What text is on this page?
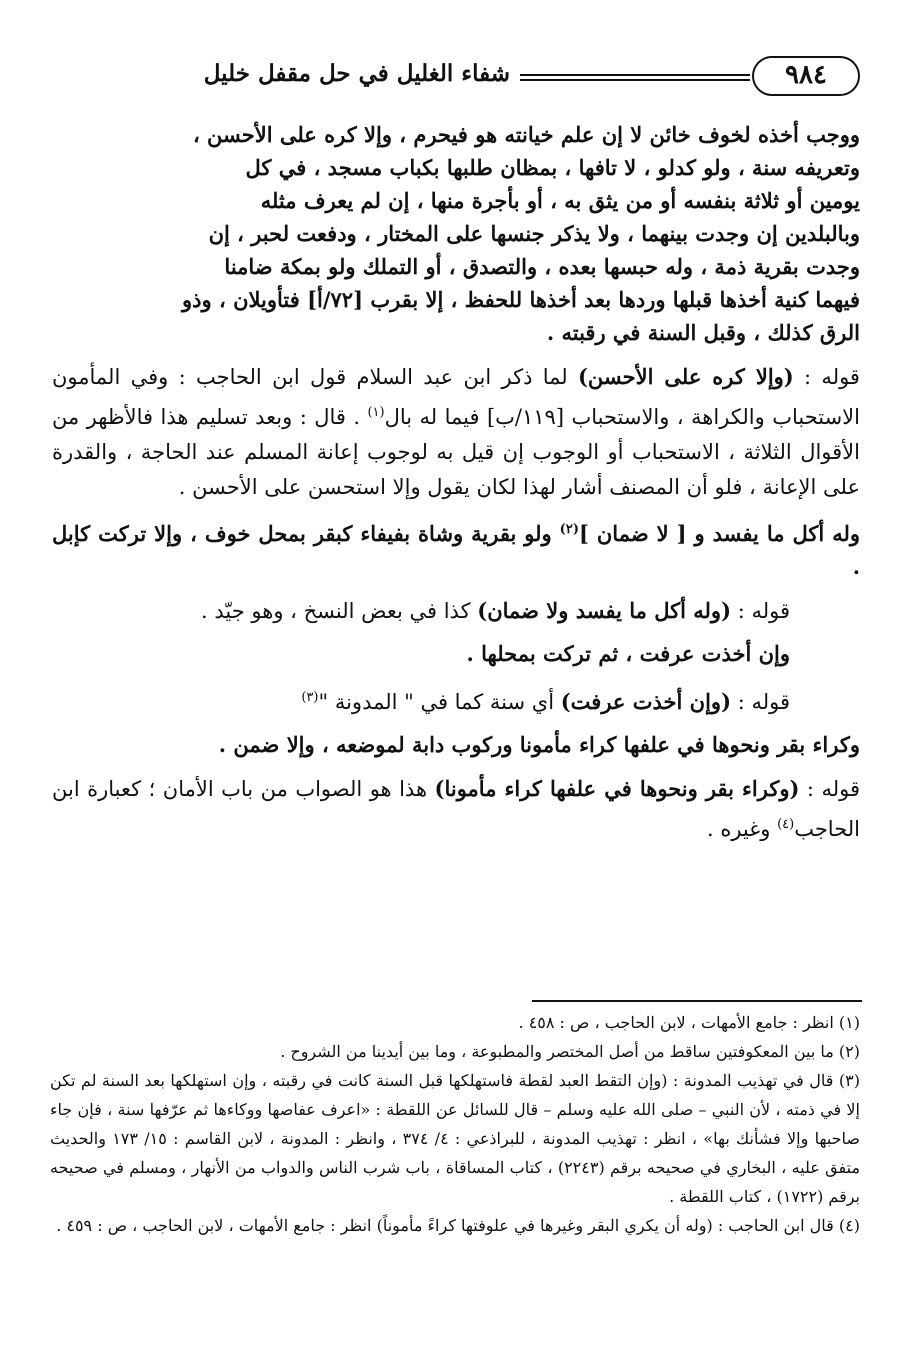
٩٨٤
شفاء الغليل في حل مقفل خليل

ووجب أخذه لخوف خائن لا إن علم خيانته هو فيحرم ، وإلا كره على الأحسن ،
وتعريفه سنة ، ولو كدلو ، لا تافها ، بمظان طلبها بكباب مسجد ، في كل
يومين أو ثلاثة بنفسه أو من يثق به ، أو بأجرة منها ، إن لم يعرف مثله
وبالبلدين إن وجدت بينهما ، ولا يذكر جنسها على المختار ، ودفعت لحبر ، إن
وجدت بقرية ذمة ، وله حبسها بعده ، والتصدق ، أو التملك ولو بمكة ضامنا
فيهما كنية أخذها قبلها وردها بعد أخذها للحفظ ، إلا بقرب [٧٢/أ] فتأويلان ، وذو
الرق كذلك ، وقبل السنة في رقبته .

قوله : (وإلا كره على الأحسن) لما ذكر ابن عبد السلام قول ابن الحاجب : وفي المأمون الاستحباب والكراهة ، والاستحباب [١١٩/ب] فيما له بال$^{(١)}$ . قال : وبعد تسليم هذا فالأظهر من الأقوال الثلاثة ، الاستحباب أو الوجوب إن قيل به لوجوب إعانة المسلم عند الحاجة ، والقدرة على الإعانة ، فلو أن المصنف أشار لهذا لكان يقول وإلا استحسن على الأحسن .

وله أكل ما يفسد و [ لا ضمان ]$^{(٢)}$ ولو بقرية وشاة بفيفاء كبقر بمحل خوف ، وإلا تركت كإبل .

قوله : (وله أكل ما يفسد ولا ضمان) كذا في بعض النسخ ، وهو جيّد .

وإن أخذت عرفت ، ثم تركت بمحلها .

قوله : (وإن أخذت عرفت) أي سنة كما في " المدونة "$^{(٣)}$

وكراء بقر ونحوها في علفها كراء مأمونا وركوب دابة لموضعه ، وإلا ضمن .

قوله : (وكراء بقر ونحوها في علفها كراء مأمونا) هذا هو الصواب من باب الأمان ؛ كعبارة ابن الحاجب$^{(٤)}$ وغيره .

(١) انظر : جامع الأمهات ، لابن الحاجب ، ص : ٤٥٨ .

(٢) ما بين المعكوفتين ساقط من أصل المختصر والمطبوعة ، وما بين أيدينا من الشروح .

(٣) قال في تهذيب المدونة : (وإن التقط العبد لقطة فاستهلكها قبل السنة كانت في رقبته ، وإن استهلكها بعد السنة لم تكن إلا في ذمته ، لأن النبي – صلى الله عليه وسلم – قال للسائل عن اللقطة : «اعرف عفاصها ووكاءها ثم عرّفها سنة ، فإن جاء صاحبها وإلا فشأنك بها» ، انظر : تهذيب المدونة ، للبراذعي : ٤/ ٣٧٤ ، وانظر : المدونة ، لابن القاسم : ١٥/ ١٧٣ والحديث متفق عليه ، البخاري في صحيحه برقم (٢٢٤٣) ، كتاب المساقاة ، باب شرب الناس والدواب من الأنهار ، ومسلم في صحيحه برقم (١٧٢٢) ، كتاب اللقطة .

(٤) قال ابن الحاجب : (وله أن يكري البقر وغيرها في علوفتها كراءً مأموناً) انظر : جامع الأمهات ، لابن الحاجب ، ص : ٤٥٩ .
